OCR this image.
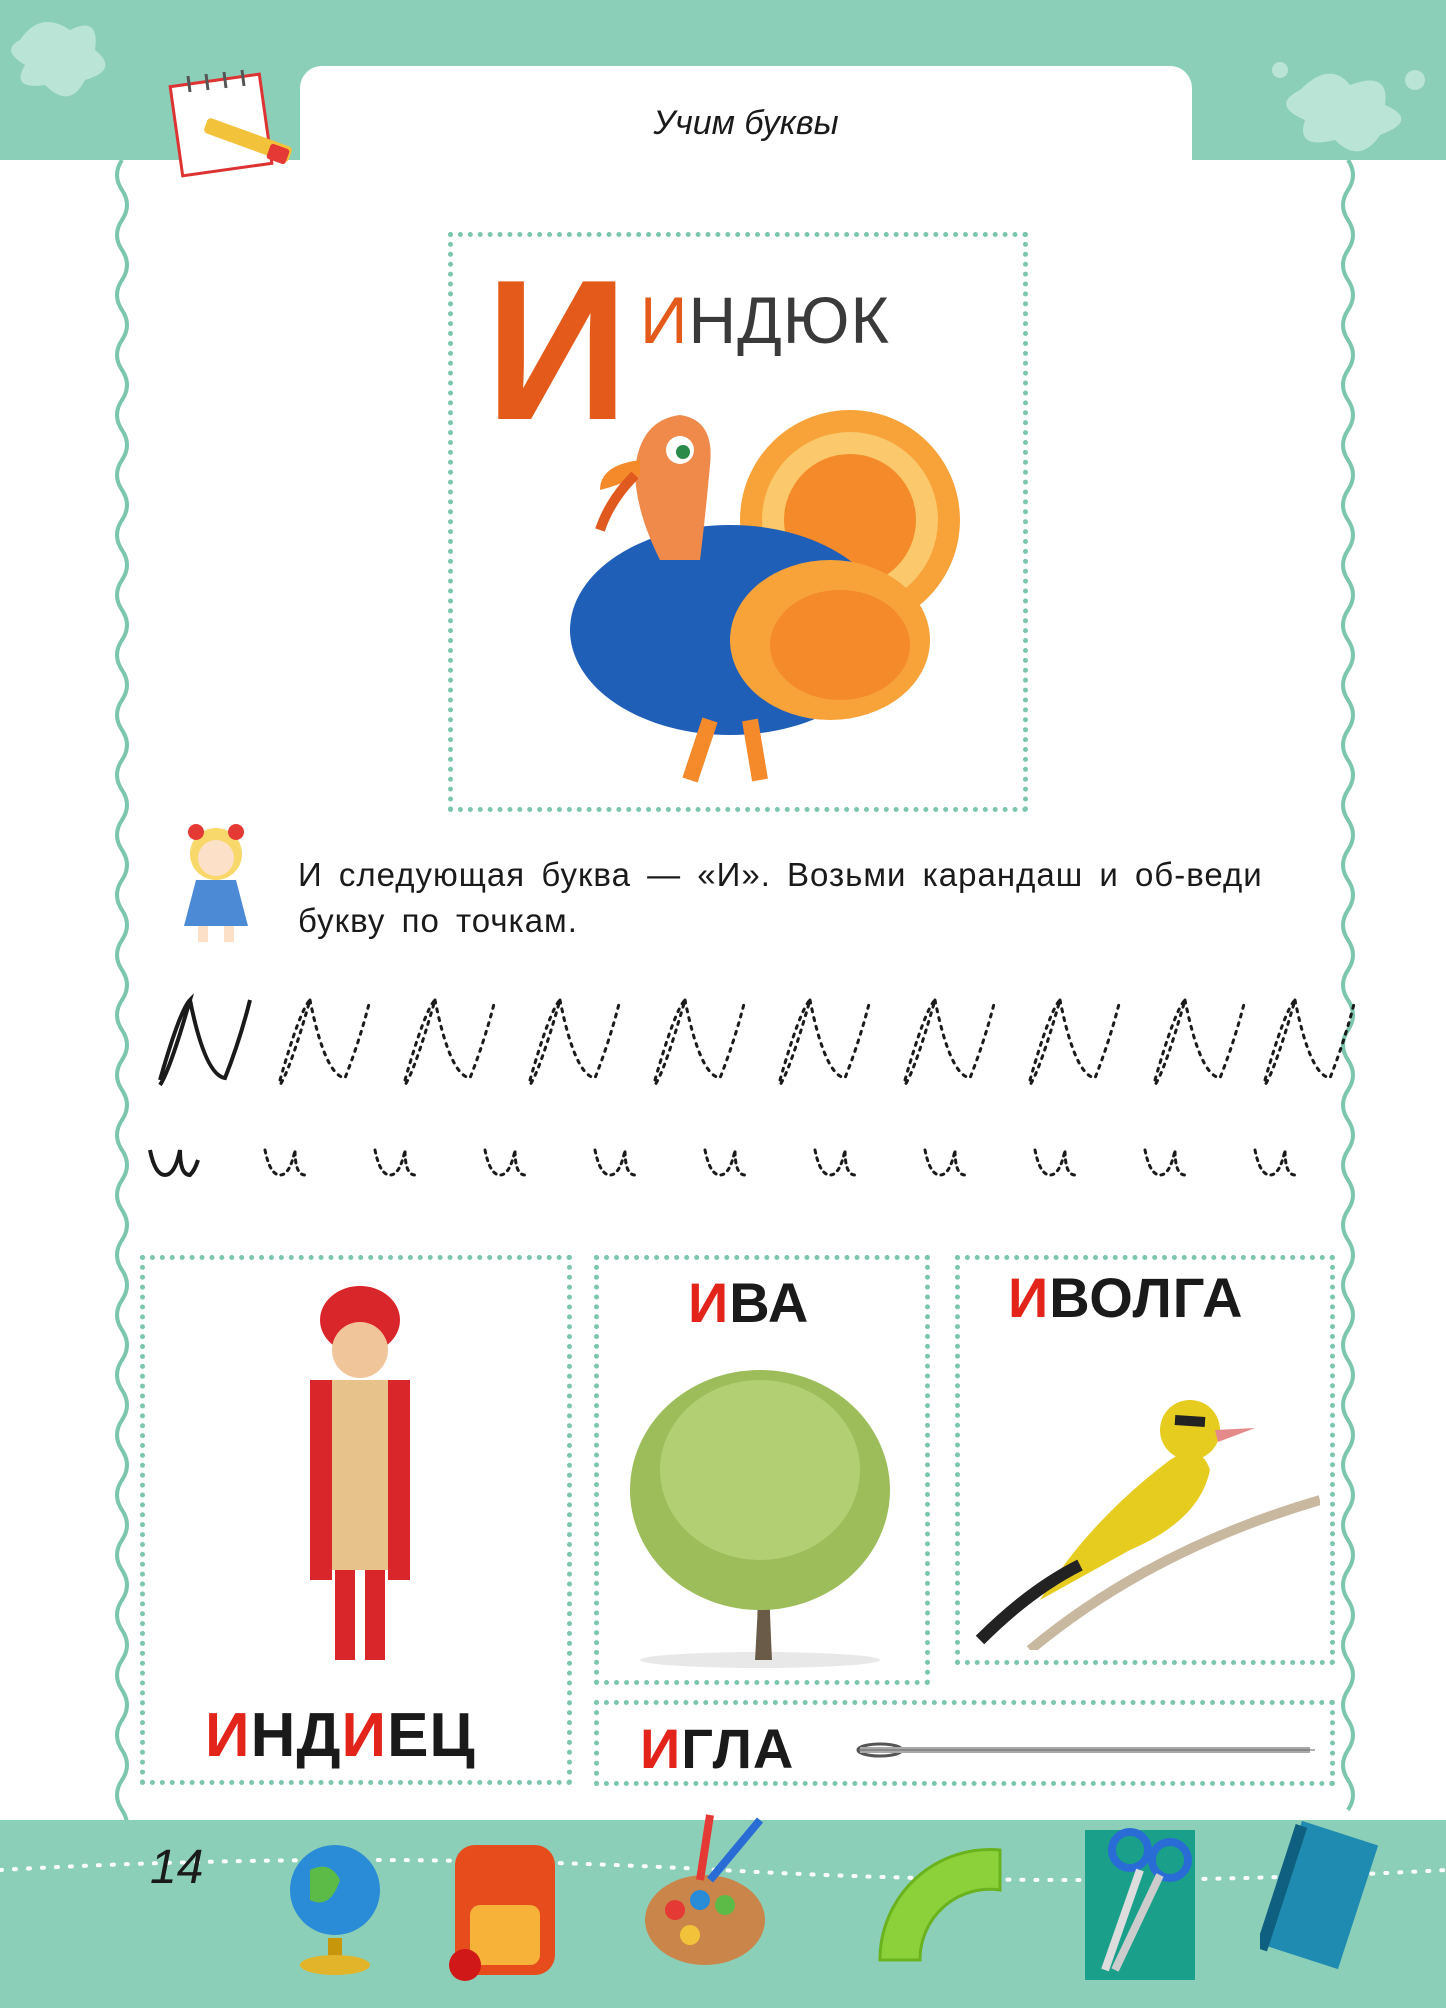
Учим буквы
И ИНДЮК
И следующая буква — «И». Возьми карандаш и об-веди букву по точкам.
ИНДИЕЦ
ИВА	ИВОЛГА
ИГЛА
14
